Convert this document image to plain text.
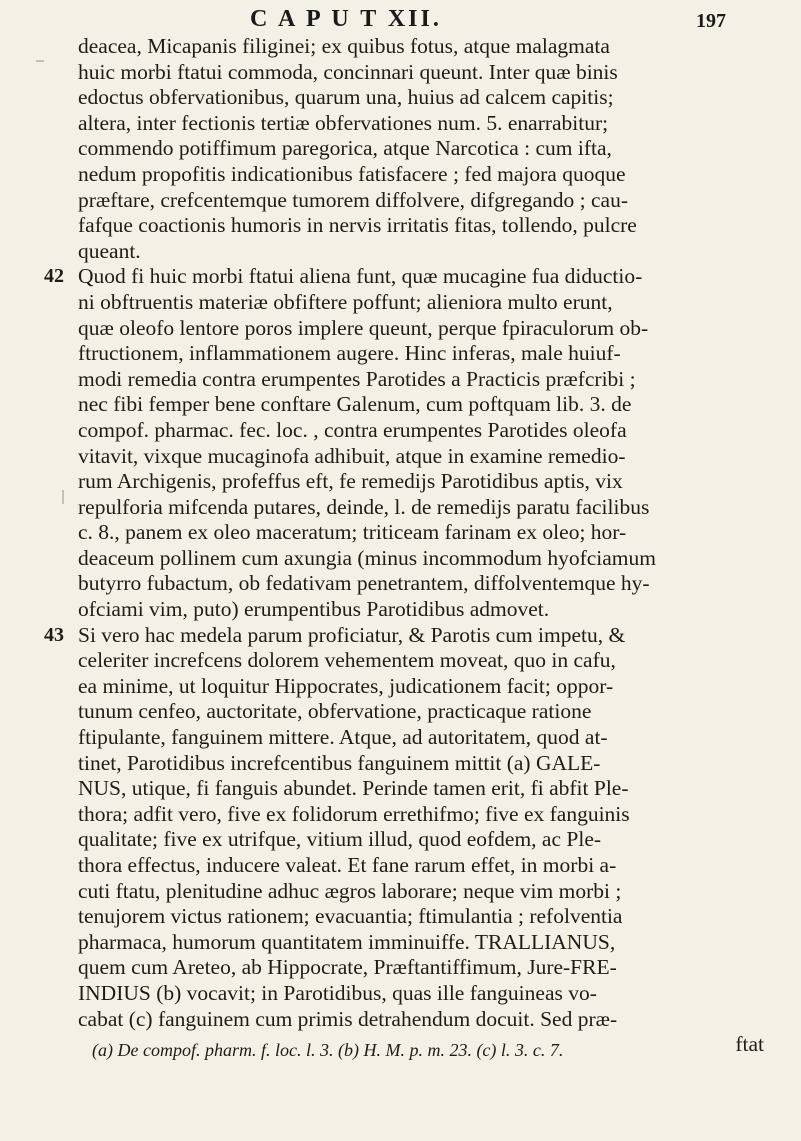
C A P U T XII.	197
deacea, Micapanis filiginei; ex quibus fotus, atque malagmata
huic morbi ftatui commoda, concinnari queunt. Inter quæ binis
edoctus obfervationibus, quarum una, huius ad calcem capitis;
altera, inter fectionis tertiæ obfervationes num. 5. enarrabitur;
commendo potiffimum paregorica, atque Narcotica : cum ifta,
nedum propofitis indicationibus fatisfacere ; fed majora quoque
præftare, crefcentemque tumorem diffolvere, difgregando ; cau-
fafque coactionis humoris in nervis irritatis fitas, tollendo, pulcre
queant.
42 Quod fi huic morbi ftatui aliena funt, quæ mucagine fua diductio-
ni obftruentis materiæ obfiftere poffunt; alieniora multo erunt,
quæ oleofo lentore poros implere queunt, perque fpiraculorum ob-
ftructionem, inflammationem augere. Hinc inferas, male huiuf-
modi remedia contra erumpentes Parotides a Practicis præfcribi ;
nec fibi femper bene conftare Galenum, cum poftquam lib. 3. de
compof. pharmac. fec. loc. , contra erumpentes Parotides oleofa
vitavit, vixque mucaginofa adhibuit, atque in examine remedio-
rum Archigenis, profeffus eft, fe remedijs Parotidibus aptis, vix
repulforia mifcenda putares, deinde, l. de remedijs paratu facilibus
c. 8., panem ex oleo maceratum; triticeam farinam ex oleo; hor-
deaceum pollinem cum axungia (minus incommodum hyofciamum
butyrro fubactum, ob fedativam penetrantem, diffolventemque hy-
ofciami vim, puto) erumpentibus Parotidibus admovet.
43 Si vero hac medela parum proficiatur, & Parotis cum impetu, &
celeriter increfcens dolorem vehementem moveat, quo in cafu,
ea minime, ut loquitur Hippocrates, judicationem facit; oppor-
tunum cenfeo, auctoritate, obfervatione, practicaque ratione
ftipulante, fanguinem mittere. Atque, ad autoritatem, quod at-
tinet, Parotidibus increfcentibus fanguinem mittit (a) GALE-
NUS, utique, fi fanguis abundet. Perinde tamen erit, fi abfit Ple-
thora; adfit vero, five ex folidorum errethifmo; five ex fanguinis
qualitate; five ex utrifque, vitium illud, quod eofdem, ac Ple-
thora effectus, inducere valeat. Et fane rarum effet, in morbi a-
cuti ftatu, plenitudine adhuc ægros laborare; neque vim morbi ;
tenujorem victus rationem; evacuantia; ftimulantia ; refolventia
pharmaca, humorum quantitatem imminuiffe. TRALLIANUS,
quem cum Areteo, ab Hippocrate, Præftantiffimum, Jure-FRE-
INDIUS (b) vocavit; in Parotidibus, quas ille fanguineas vo-
cabat (c) fanguinem cum primis detrahendum docuit. Sed præ-
ftat
(a) De compof. pharm. f. loc. l. 3. (b) H. M. p. m. 23. (c) l. 3. c. 7.
